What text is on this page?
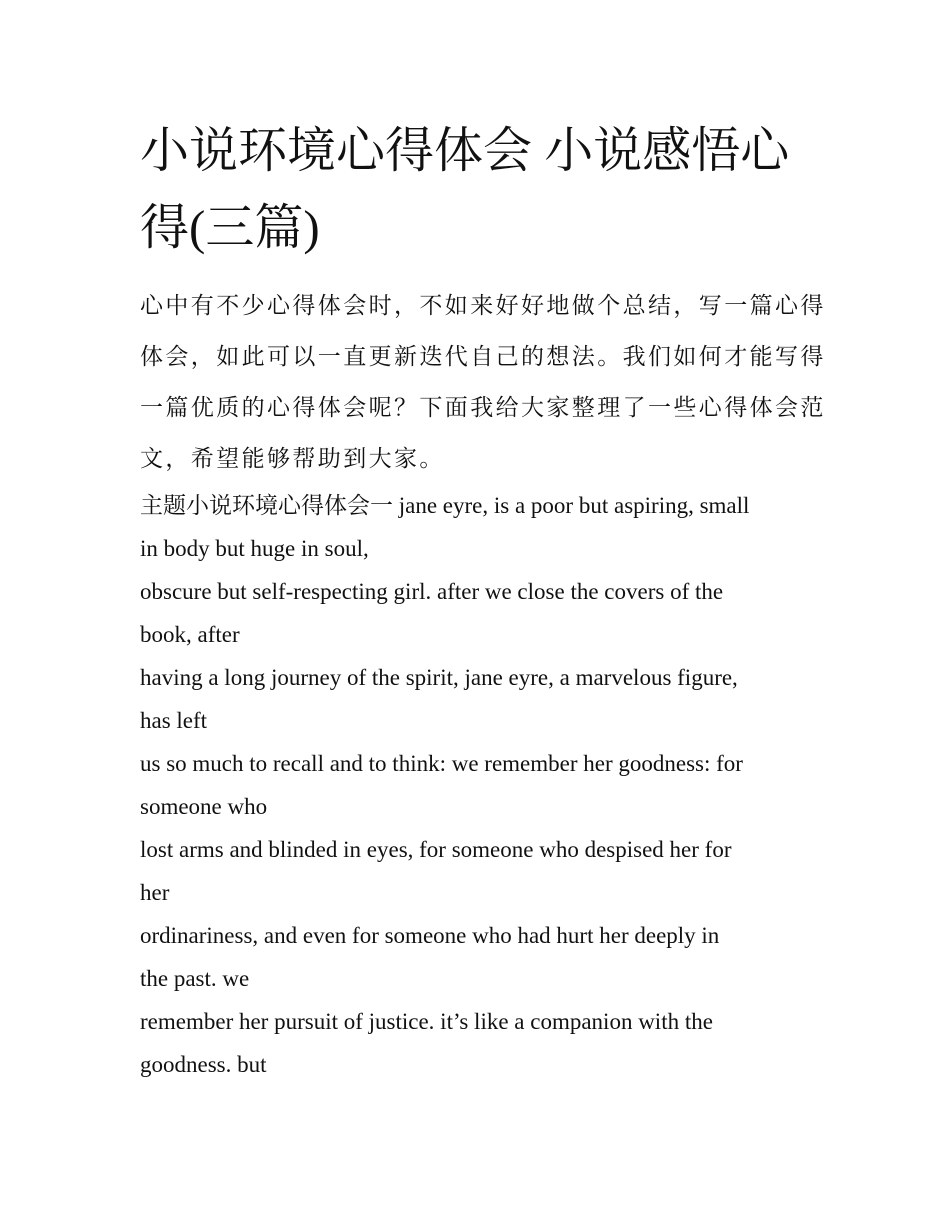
小说环境心得体会 小说感悟心
得(三篇)
心中有不少心得体会时，不如来好好地做个总结，写一篇心得
体会，如此可以一直更新迭代自己的想法。我们如何才能写得
一篇优质的心得体会呢？下面我给大家整理了一些心得体会范
文，希望能够帮助到大家。
主题小说环境心得体会一 jane eyre, is a poor but aspiring, small
in body but huge in soul,
obscure but self-respecting girl. after we close the covers of the
book, after
having a long journey of the spirit, jane eyre, a marvelous figure,
has left
us so much to recall and to think: we remember her goodness: for
someone who
lost arms and blinded in eyes, for someone who despised her for
her
ordinariness, and even for someone who had hurt her deeply in
the past. we
remember her pursuit of justice. it’s like a companion with the
goodness. but
